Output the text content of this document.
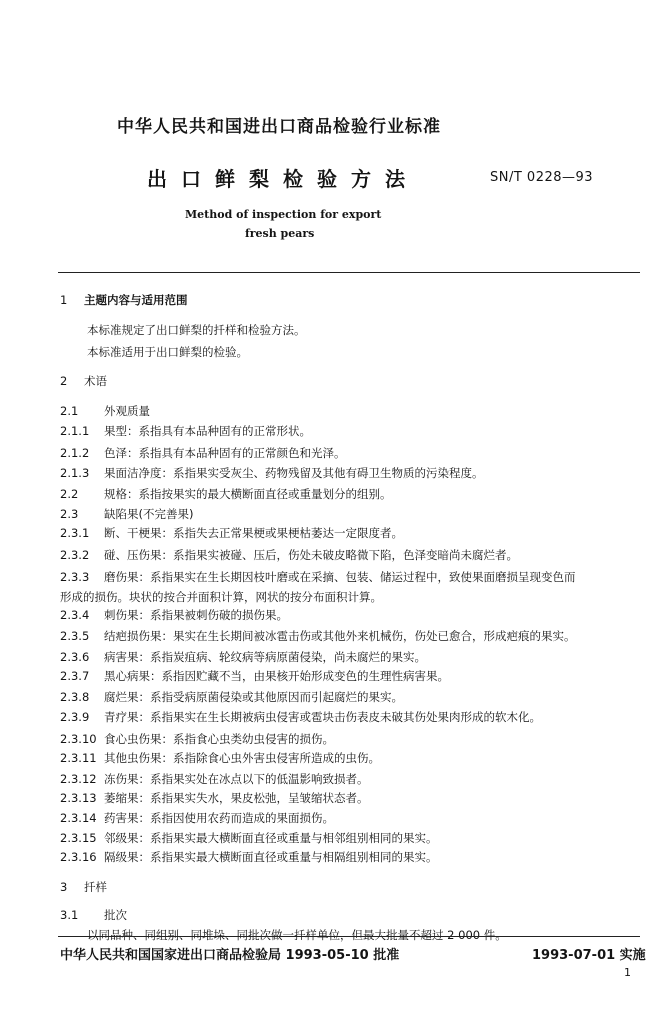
中华人民共和国进出口商品检验行业标准
出口鲜梨检验方法	SN/T 0228—93
Method of inspection for export
fresh pears
1 主题内容与适用范围
本标准规定了出口鲜梨的扦样和检验方法。
本标准适用于出口鲜梨的检验。
2 术语
2.1 外观质量
2.1.1 果型：系指具有本品种固有的正常形状。
2.1.2 色泽：系指具有本品种固有的正常颜色和光泽。
2.1.3 果面洁净度：系指果实受灰尘、药物残留及其他有碍卫生物质的污染程度。
2.2 规格：系指按果实的最大横断面直径或重量划分的组别。
2.3 缺陷果(不完善果)
2.3.1 断、干梗果：系指失去正常果梗或果梗枯萎达一定限度者。
2.3.2 碰、压伤果：系指果实被碰、压后，伤处未破皮略微下陷，色泽变暗尚未腐烂者。
2.3.3 磨伤果：系指果实在生长期因枝叶磨或在采摘、包装、储运过程中，致使果面磨损呈现变色而
形成的损伤。块状的按合并面积计算，网状的按分布面积计算。
2.3.4 刺伤果：系指果被刺伤破的损伤果。
2.3.5 结疤损伤果：果实在生长期间被冰雹击伤或其他外来机械伤，伤处已愈合，形成疤痕的果实。
2.3.6 病害果：系指炭疽病、轮纹病等病原菌侵染，尚未腐烂的果实。
2.3.7 黑心病果：系指因贮藏不当，由果核开始形成变色的生理性病害果。
2.3.8 腐烂果：系指受病原菌侵染或其他原因而引起腐烂的果实。
2.3.9 青疗果：系指果实在生长期被病虫侵害或雹块击伤表皮未破其伤处果肉形成的软木化。
2.3.10 食心虫伤果：系指食心虫类幼虫侵害的损伤。
2.3.11 其他虫伤果：系指除食心虫外害虫侵害所造成的虫伤。
2.3.12 冻伤果：系指果实处在冰点以下的低温影响致损者。
2.3.13 萎缩果：系指果实失水，果皮松弛，呈皱缩状态者。
2.3.14 药害果：系指因使用农药而造成的果面损伤。
2.3.15 邻级果：系指果实最大横断面直径或重量与相邻组别相同的果实。
2.3.16 隔级果：系指果实最大横断面直径或重量与相隔组别相同的果实。
3 扦样
3.1 批次
以同品种、同组别、同堆垛、同批次做一扦样单位，但最大批量不超过 2 000 件。
中华人民共和国国家进出口商品检验局 1993-05-10 批准	1993-07-01 实施
1
